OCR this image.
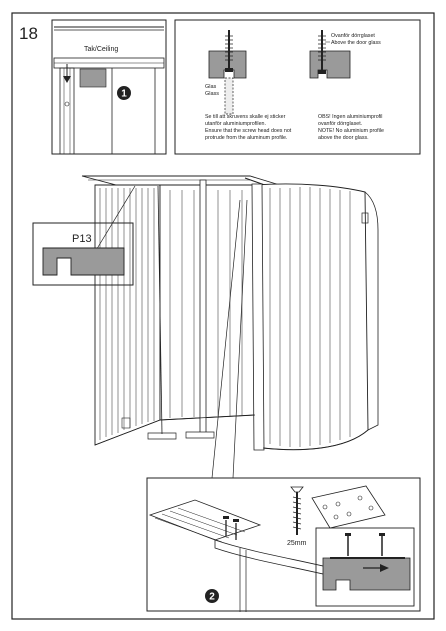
18
Tak/Ceiling
1
Glas
Glass
Ovanför dörrglaset
Above the door glass
Se till att skruvens skalle ej sticker
utanför aluminiumprofilen.
Ensure that the screw head does not
protrude from the aluminum profile.
OBS! Ingen aluminiumprofil
ovanför dörrglaset.
NOTE! No aluminium profile
above the door glass.
P13
25mm
2
